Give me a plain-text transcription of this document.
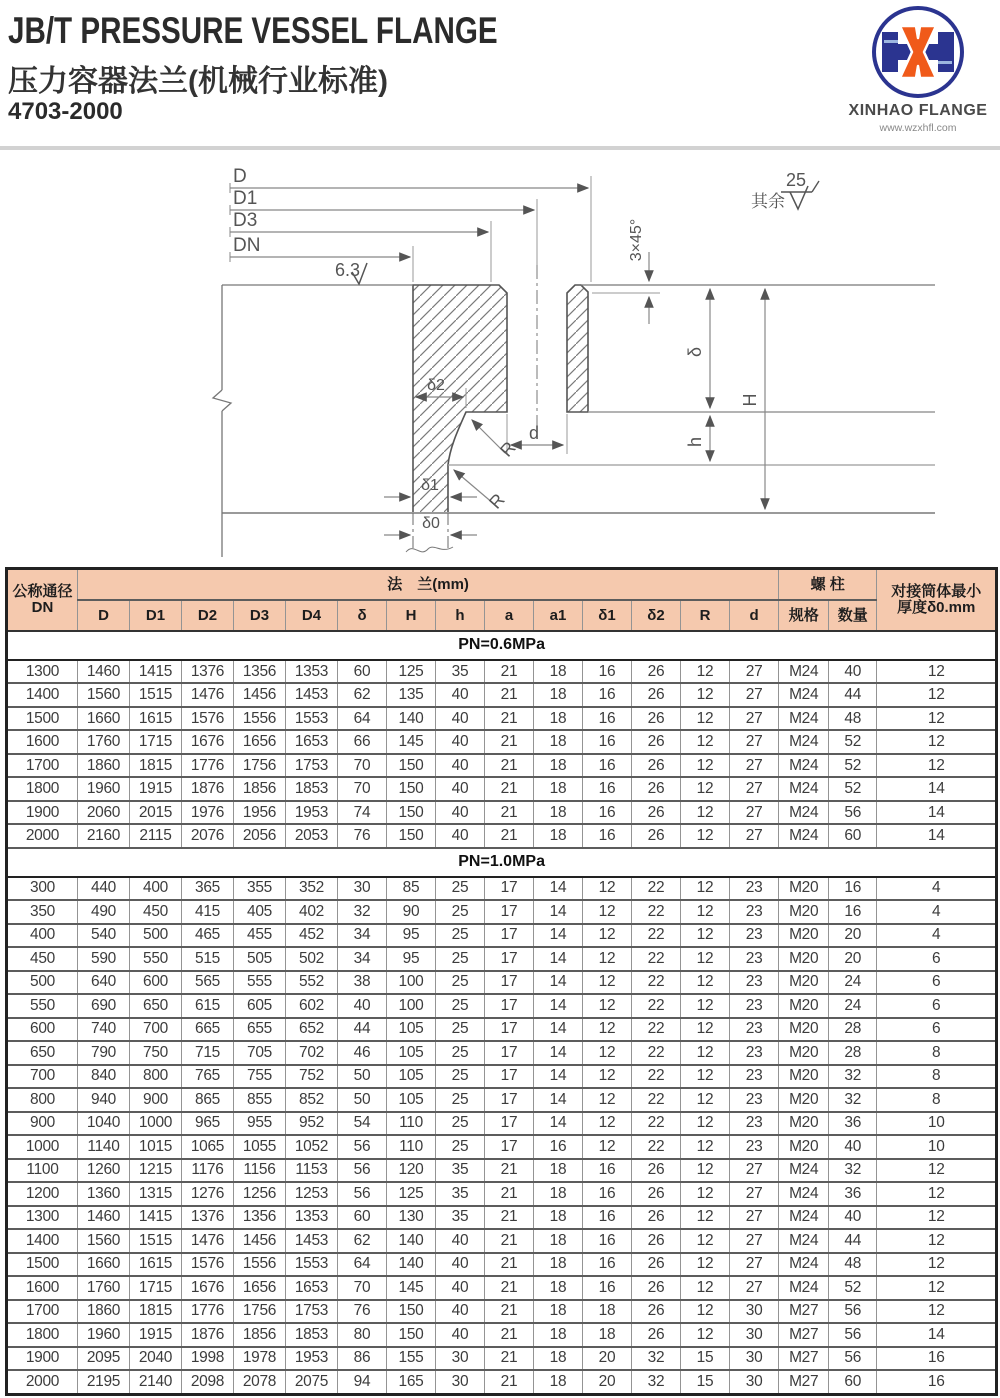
JB/T PRESSURE VESSEL FLANGE
压力容器法兰(机械行业标准)
4703-2000	XINHAO FLANGE
www.wzxhfl.com
D
D1
D3
DN
6.3
25
其余
3×45°
δ
h
H
d
δ2
δ1
δ0
R
R
公称通径
DN
	法　兰(mm)	螺 柱	对接筒体最小
厚度δ0.mm

	D	D1	D2	D3	D4	δ	H	h	a	a1	δ1	δ2	R	d	规格	数量	
PN=0.6MPa																	
1300	1460	1415	1376	1356	1353	60	125	35	21	18	16	26	12	27	M24	40	12
1400	1560	1515	1476	1456	1453	62	135	40	21	18	16	26	12	27	M24	44	12
1500	1660	1615	1576	1556	1553	64	140	40	21	18	16	26	12	27	M24	48	12
1600	1760	1715	1676	1656	1653	66	145	40	21	18	16	26	12	27	M24	52	12
1700	1860	1815	1776	1756	1753	70	150	40	21	18	16	26	12	27	M24	52	12
1800	1960	1915	1876	1856	1853	70	150	40	21	18	16	26	12	27	M24	52	14
1900	2060	2015	1976	1956	1953	74	150	40	21	18	16	26	12	27	M24	56	14
2000	2160	2115	2076	2056	2053	76	150	40	21	18	16	26	12	27	M24	60	14
PN=1.0MPa																	
300	440	400	365	355	352	30	85	25	17	14	12	22	12	23	M20	16	4
350	490	450	415	405	402	32	90	25	17	14	12	22	12	23	M20	16	4
400	540	500	465	455	452	34	95	25	17	14	12	22	12	23	M20	20	4
450	590	550	515	505	502	34	95	25	17	14	12	22	12	23	M20	20	6
500	640	600	565	555	552	38	100	25	17	14	12	22	12	23	M20	24	6
550	690	650	615	605	602	40	100	25	17	14	12	22	12	23	M20	24	6
600	740	700	665	655	652	44	105	25	17	14	12	22	12	23	M20	28	6
650	790	750	715	705	702	46	105	25	17	14	12	22	12	23	M20	28	8
700	840	800	765	755	752	50	105	25	17	14	12	22	12	23	M20	32	8
800	940	900	865	855	852	50	105	25	17	14	12	22	12	23	M20	32	8
900	1040	1000	965	955	952	54	110	25	17	14	12	22	12	23	M20	36	10
1000	1140	1015	1065	1055	1052	56	110	25	17	16	12	22	12	23	M20	40	10
1100	1260	1215	1176	1156	1153	56	120	35	21	18	16	26	12	27	M24	32	12
1200	1360	1315	1276	1256	1253	56	125	35	21	18	16	26	12	27	M24	36	12
1300	1460	1415	1376	1356	1353	60	130	35	21	18	16	26	12	27	M24	40	12
1400	1560	1515	1476	1456	1453	62	140	40	21	18	16	26	12	27	M24	44	12
1500	1660	1615	1576	1556	1553	64	140	40	21	18	16	26	12	27	M24	48	12
1600	1760	1715	1676	1656	1653	70	145	40	21	18	16	26	12	27	M24	52	12
1700	1860	1815	1776	1756	1753	76	150	40	21	18	18	26	12	30	M27	56	12
1800	1960	1915	1876	1856	1853	80	150	40	21	18	18	26	12	30	M27	56	14
1900	2095	2040	1998	1978	1953	86	155	30	21	18	20	32	15	30	M27	56	16
2000	2195	2140	2098	2078	2075	94	165	30	21	18	20	32	15	30	M27	60	16
